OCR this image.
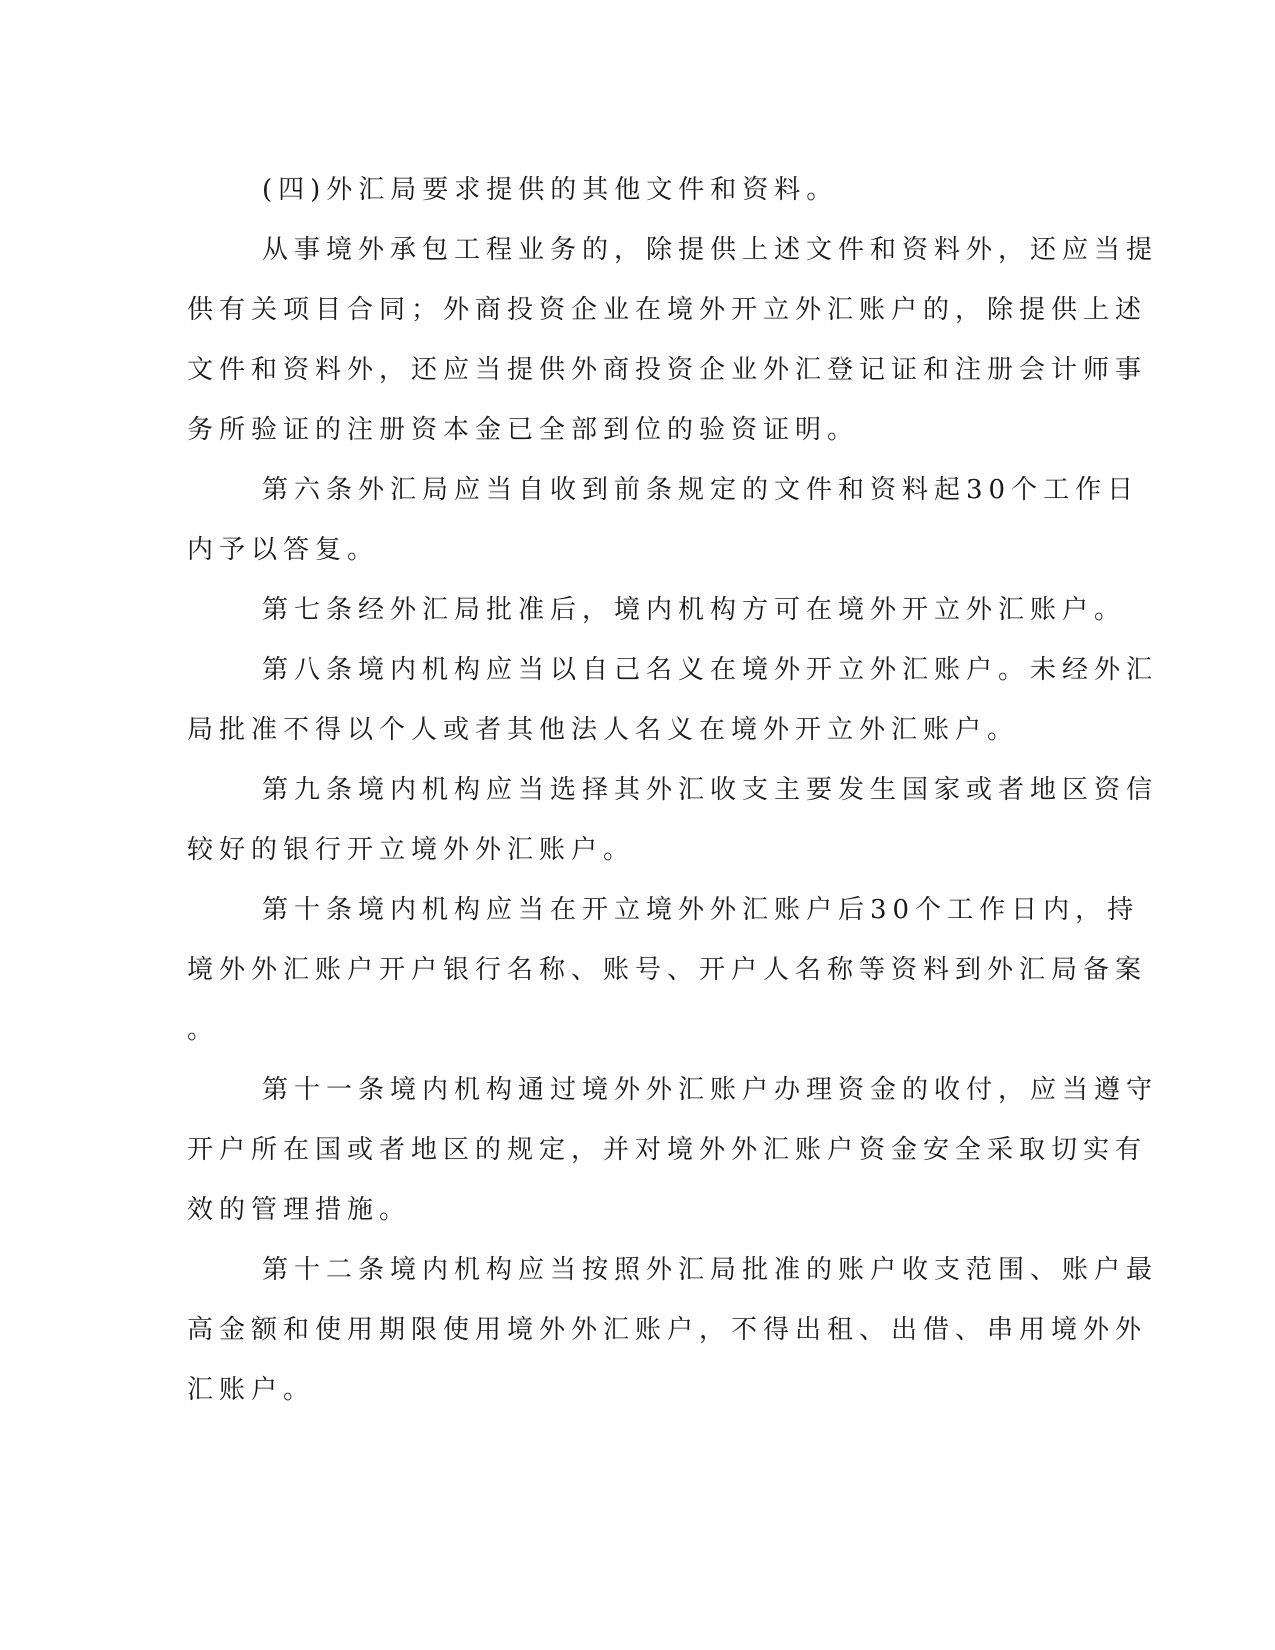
(四)外汇局要求提供的其他文件和资料。
从事境外承包工程业务的，除提供上述文件和资料外，还应当提
供有关项目合同；外商投资企业在境外开立外汇账户的，除提供上述
文件和资料外，还应当提供外商投资企业外汇登记证和注册会计师事
务所验证的注册资本金已全部到位的验资证明。
第六条外汇局应当自收到前条规定的文件和资料起30个工作日
内予以答复。
第七条经外汇局批准后，境内机构方可在境外开立外汇账户。
第八条境内机构应当以自己名义在境外开立外汇账户。未经外汇
局批准不得以个人或者其他法人名义在境外开立外汇账户。
第九条境内机构应当选择其外汇收支主要发生国家或者地区资信
较好的银行开立境外外汇账户。
第十条境内机构应当在开立境外外汇账户后30个工作日内，持
境外外汇账户开户银行名称、账号、开户人名称等资料到外汇局备案
。
第十一条境内机构通过境外外汇账户办理资金的收付，应当遵守
开户所在国或者地区的规定，并对境外外汇账户资金安全采取切实有
效的管理措施。
第十二条境内机构应当按照外汇局批准的账户收支范围、账户最
高金额和使用期限使用境外外汇账户，不得出租、出借、串用境外外
汇账户。
